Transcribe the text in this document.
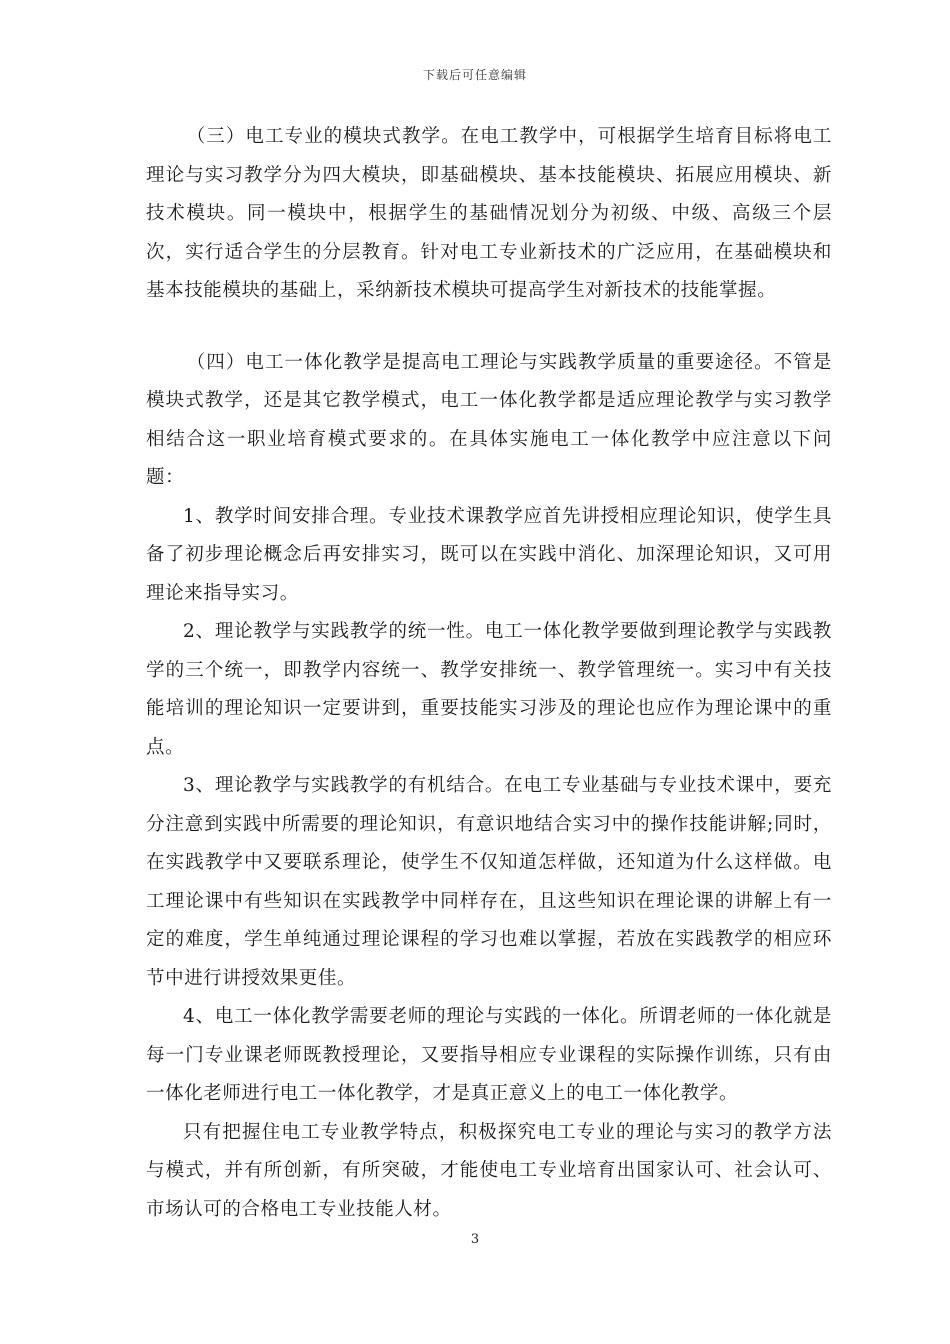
下载后可任意编辑

（三）电工专业的模块式教学。在电工教学中，可根据学生培育目标将电工理论与实习教学分为四大模块，即基础模块、基本技能模块、拓展应用模块、新技术模块。同一模块中，根据学生的基础情况划分为初级、中级、高级三个层次，实行适合学生的分层教育。针对电工专业新技术的广泛应用，在基础模块和基本技能模块的基础上，采纳新技术模块可提高学生对新技术的技能掌握。

（四）电工一体化教学是提高电工理论与实践教学质量的重要途径。不管是模块式教学，还是其它教学模式，电工一体化教学都是适应理论教学与实习教学相结合这一职业培育模式要求的。在具体实施电工一体化教学中应注意以下问题：

1、教学时间安排合理。专业技术课教学应首先讲授相应理论知识，使学生具备了初步理论概念后再安排实习，既可以在实践中消化、加深理论知识，又可用理论来指导实习。

2、理论教学与实践教学的统一性。电工一体化教学要做到理论教学与实践教学的三个统一，即教学内容统一、教学安排统一、教学管理统一。实习中有关技能培训的理论知识一定要讲到，重要技能实习涉及的理论也应作为理论课中的重点。

3、理论教学与实践教学的有机结合。在电工专业基础与专业技术课中，要充分注意到实践中所需要的理论知识，有意识地结合实习中的操作技能讲解;同时，在实践教学中又要联系理论，使学生不仅知道怎样做，还知道为什么这样做。电工理论课中有些知识在实践教学中同样存在，且这些知识在理论课的讲解上有一定的难度，学生单纯通过理论课程的学习也难以掌握，若放在实践教学的相应环节中进行讲授效果更佳。

4、电工一体化教学需要老师的理论与实践的一体化。所谓老师的一体化就是每一门专业课老师既教授理论，又要指导相应专业课程的实际操作训练，只有由一体化老师进行电工一体化教学，才是真正意义上的电工一体化教学。

只有把握住电工专业教学特点，积极探究电工专业的理论与实习的教学方法与模式，并有所创新，有所突破，才能使电工专业培育出国家认可、社会认可、市场认可的合格电工专业技能人材。

3
